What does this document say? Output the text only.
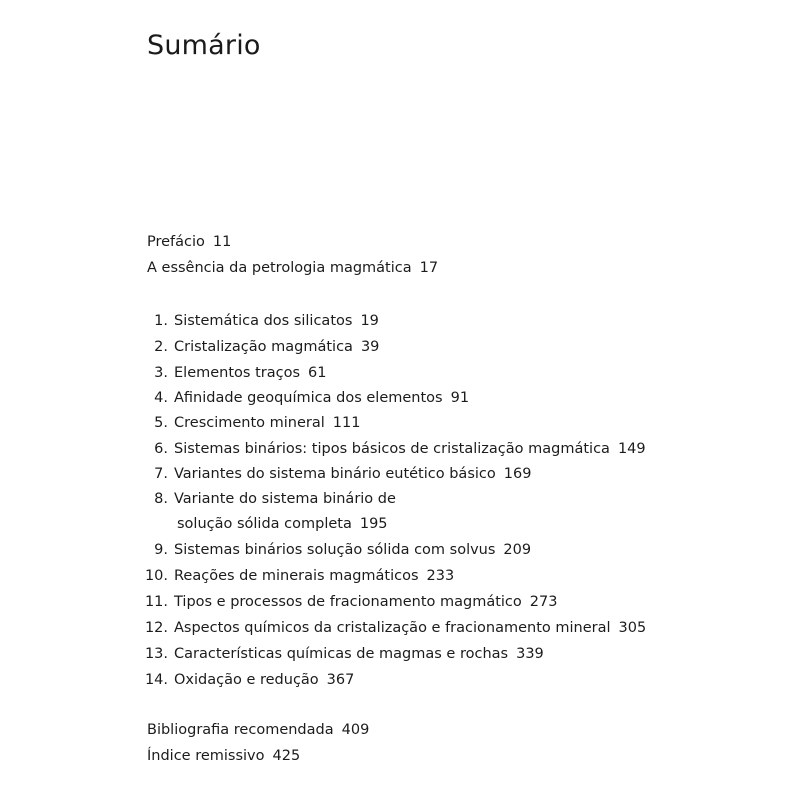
Sumário
Prefácio 11
A essência da petrologia magmática 17
1. Sistemática dos silicatos 19
2. Cristalização magmática 39
3. Elementos traços 61
4. Afinidade geoquímica dos elementos 91
5. Crescimento mineral 111
6. Sistemas binários: tipos básicos de cristalização magmática 149
7. Variantes do sistema binário eutético básico 169
8. Variante do sistema binário de
solução sólida completa 195
9. Sistemas binários solução sólida com solvus 209
10. Reações de minerais magmáticos 233
11. Tipos e processos de fracionamento magmático 273
12. Aspectos químicos da cristalização e fracionamento mineral 305
13. Características químicas de magmas e rochas 339
14. Oxidação e redução 367
Bibliografia recomendada 409
Índice remissivo 425
